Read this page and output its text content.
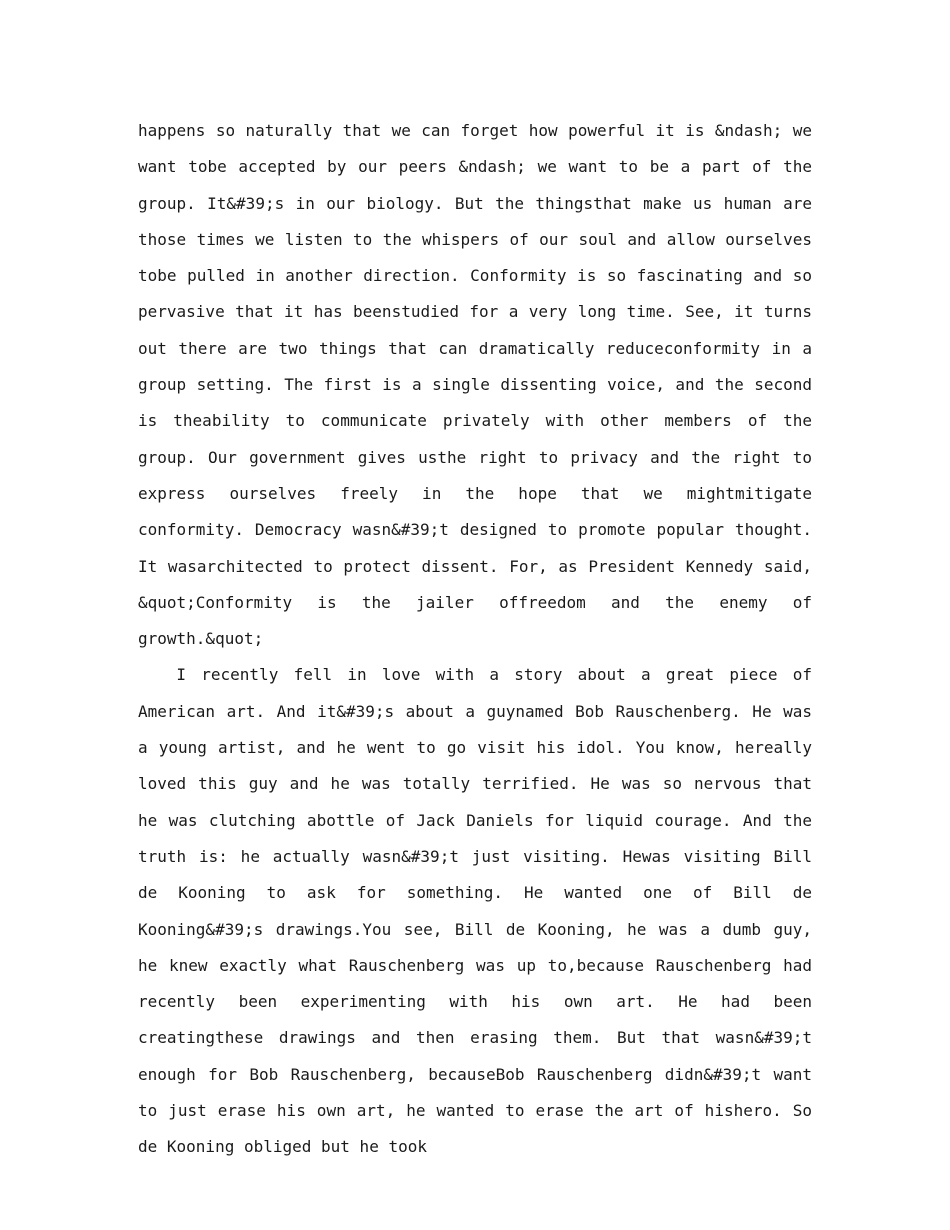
happens so naturally that we can forget how powerful it is &ndash; we want tobe accepted by our peers &ndash; we want to be a part of the group. It&#39;s in our biology. But the thingsthat make us human are those times we listen to the whispers of our soul and allow ourselves tobe pulled in another direction. Conformity is so fascinating and so pervasive that it has beenstudied for a very long time. See, it turns out there are two things that can dramatically reduceconformity in a group setting. The first is a single dissenting voice, and the second is theability to communicate privately with other members of the group. Our government gives usthe right to privacy and the right to express ourselves freely in the hope that we mightmitigate conformity. Democracy wasn&#39;t designed to promote popular thought. It wasarchitected to protect dissent. For, as President Kennedy said, &quot;Conformity is the jailer offreedom and the enemy of growth.&quot;

I recently fell in love with a story about a great piece of American art. And it&#39;s about a guynamed Bob Rauschenberg. He was a young artist, and he went to go visit his idol. You know, hereally loved this guy and he was totally terrified. He was so nervous that he was clutching abottle of Jack Daniels for liquid courage. And the truth is: he actually wasn&#39;t just visiting. Hewas visiting Bill de Kooning to ask for something. He wanted one of Bill de Kooning&#39;s drawings.You see, Bill de Kooning, he was a dumb guy, he knew exactly what Rauschenberg was up to,because Rauschenberg had recently been experimenting with his own art. He had been creatingthese drawings and then erasing them. But that wasn&#39;t enough for Bob Rauschenberg, becauseBob Rauschenberg didn&#39;t want to just erase his own art, he wanted to erase the art of hishero. So de Kooning obliged but he took
